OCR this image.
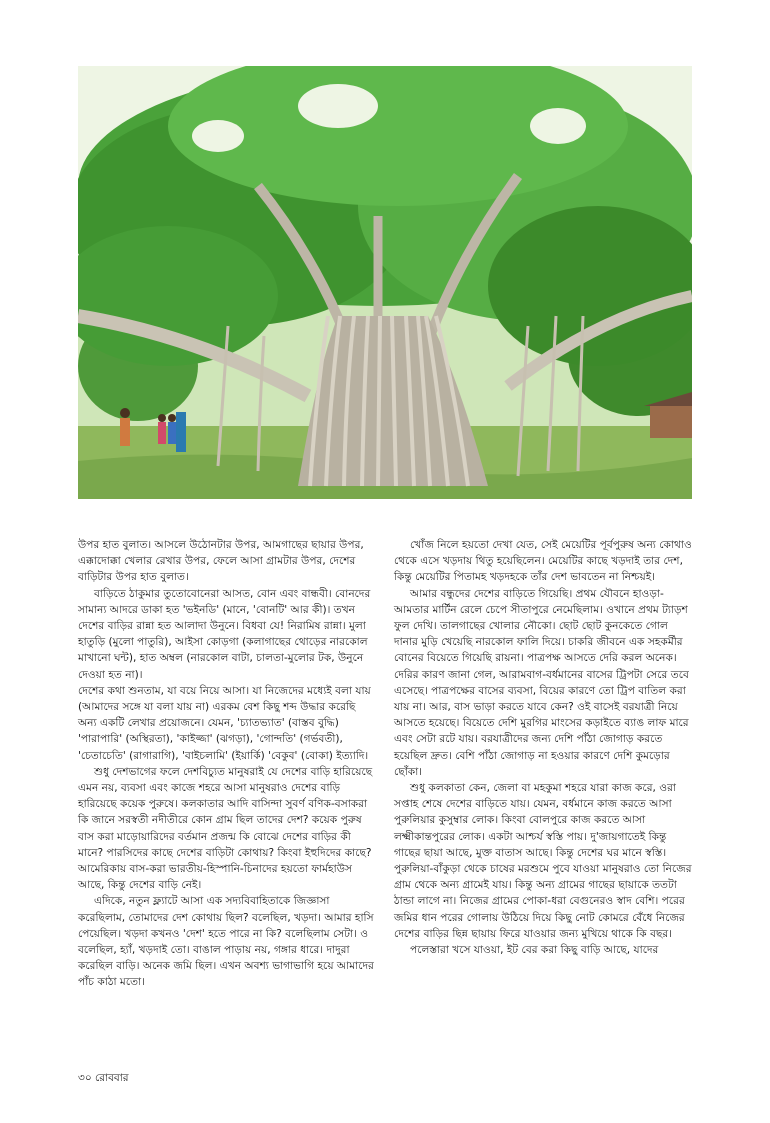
উপর হাত বুলাত। আসলে উঠোনটার উপর, আমগাছের ছায়ার উপর, এক্কাদোক্কা খেলার রেখার উপর, ফেলে আসা গ্রামটার উপর, দেশের বাড়িটার উপর হাত বুলাত।

বাড়িতে ঠাকুমার তুতোবোনেরা আসত, বোন এবং বান্ধবী। বোনদের সামান্য আদরে ডাকা হত 'ভইনডি' (মানে, 'বোনটি' আর কী)। তখন দেশের বাড়ির রান্না হত আলাদা উনুনে। বিধবা যে! নিরামিষ রান্না। মুলা হাতুড়ি (মুলো পাতুরি), আইসা কোড়গা (কলাগাছের থোড়ের নারকোল মাখানো ঘন্ট), হাত অম্বল (নারকোল বাটা, চালতা-মুলোর টক, উনুনে দেওয়া হত না)।

দেশের কথা শুনতাম, যা বয়ে নিয়ে আসা। যা নিজেদের মধ্যেই বলা যায় (আমাদের সঙ্গে যা বলা যায় না) এরকম বেশ কিছু শব্দ উদ্ধার করেছি অন্য একটি লেখার প্রয়োজনে। যেমন, 'চ্যাতভ্যাত' (বাস্তব বুদ্ধি) 'পারাপারি' (অস্থিরতা), 'কাইজ্জা' (ঝগড়া), 'গোন্দতি' (গর্ভবতী), 'চেতাচেতি' (রাগারাগি), 'বাইচলামি' (ইয়ার্কি) 'বেকুব' (বোকা) ইত্যাদি।

শুধু দেশভাগের ফলে দেশবিচ্যুত মানুষরাই যে দেশের বাড়ি হারিয়েছে এমন নয়, ব্যবসা এবং কাজে শহরে আসা মানুষরাও দেশের বাড়ি হারিয়েছে কয়েক পুরুষে। কলকাতার আদি বাসিন্দা সুবর্ণ বণিক-বসাকরা কি জানে সরস্বতী নদীতীরে কোন গ্রাম ছিল তাদের দেশ? কয়েক পুরুষ বাস করা মাড়োয়ারিদের বর্তমান প্রজন্ম কি বোঝে দেশের বাড়ির কী মানে? পারসিদের কাছে দেশের বাড়িটা কোথায়? কিংবা ইহুদিদের কাছে? আমেরিকায় বাস-করা ভারতীয়-হিস্পানি-চিনাদের হয়তো ফার্মহাউস আছে, কিন্তু দেশের বাড়ি নেই।

এদিকে, নতুন ফ্ল্যাটে আসা এক সদ্যবিবাহিতাকে জিজ্ঞাসা করেছিলাম, তোমাদের দেশ কোথায় ছিল? বলেছিল, খড়দা। আমার হাসি পেয়েছিল। খড়দা কখনও 'দেশ' হতে পারে না কি? বলেছিলাম সেটা। ও বলেছিল, হ্যাঁ, খড়দাই তো। বাঙাল পাড়ায় নয়, গঙ্গার ধারে। দাদুরা করেছিল বাড়ি। অনেক জমি ছিল। এখন অবশ্য ভাগাভাগি হয়ে আমাদের পাঁচ কাঠা মতো।

খোঁজ নিলে হয়তো দেখা যেত, সেই মেয়েটির পূর্বপুরুষ অন্য কোথাও থেকে এসে খড়দায় থিতু হয়েছিলেন। মেয়েটির কাছে খড়দাই তার দেশ, কিন্তু মেয়েটির পিতামহ খড়দহকে তাঁর দেশ ভাবতেন না নিশ্চয়ই।

আমার বন্ধুদের দেশের বাড়িতে গিয়েছি। প্রথম যৌবনে হাওড়া-আমতার মার্টিন রেলে চেপে সীতাপুরে নেমেছিলাম। ওখানে প্রথম ট্যাড়শ ফুল দেখি। তালগাছের খোলার নৌকো। ছোট ছোট কুনকেতে গোল দানার মুড়ি খেয়েছি নারকোল ফালি দিয়ে। চাকরি জীবনে এক সহকর্মীর বোনের বিয়েতে গিয়েছি রায়না। পাত্রপক্ষ আসতে দেরি করল অনেক। দেরির কারণ জানা গেল, আরামবাগ-বর্ধমানের বাসের ট্রিপটা সেরে তবে এসেছে। পাত্রপক্ষের বাসের ব্যবসা, বিয়ের কারণে তো ট্রিপ বাতিল করা যায় না। আর, বাস ভাড়া করতে যাবে কেন? ওই বাসেই বরযাত্রী নিয়ে আসতে হয়েছে। বিয়েতে দেশি মুরগির মাংসের কড়াইতে ব্যাঙ লাফ মারে এবং সেটা রটে যায়। বরযাত্রীদের জন্য দেশি পাঁঠা জোগাড় করতে হয়েছিল দ্রুত। বেশি পাঁঠা জোগাড় না হওয়ার কারণে দেশি কুমড়োর ছোঁকা।

শুধু কলকাতা কেন, জেলা বা মহকুমা শহরে যারা কাজ করে, ওরা সপ্তাহ শেষে দেশের বাড়িতে যায়। যেমন, বর্ধমানে কাজ করতে আসা পুরুলিয়ার কুসুম্বার লোক। কিংবা বোলপুরে কাজ করতে আসা লক্ষ্মীকান্তপুরের লোক। একটা আশ্চর্য স্বস্তি পায়। দু'জায়গাতেই কিন্তু গাছের ছায়া আছে, মুক্ত বাতাস আছে। কিন্তু দেশের ঘর মানে স্বস্তি। পুরুলিয়া-বাঁকুড়া থেকে চাষের মরশুমে পুবে যাওয়া মানুষরাও তো নিজের গ্রাম থেকে অন্য গ্রামেই যায়। কিন্তু অন্য গ্রামের গাছের ছায়াকে ততটা ঠান্ডা লাগে না। নিজের গ্রামের পোকা-ধরা বেগুনেরও স্বাদ বেশি। পরের জমির ধান পরের গোলায় উঠিয়ে দিয়ে কিছু নোট কোমরে বেঁধে নিজের দেশের বাড়ির ছিন্ন ছায়ায় ফিরে যাওয়ার জন্য মুখিয়ে থাকে কি বছর।

পলেস্তারা খসে যাওয়া, ইট বের করা কিছু বাড়ি আছে, যাদের

৩০ রোববার
